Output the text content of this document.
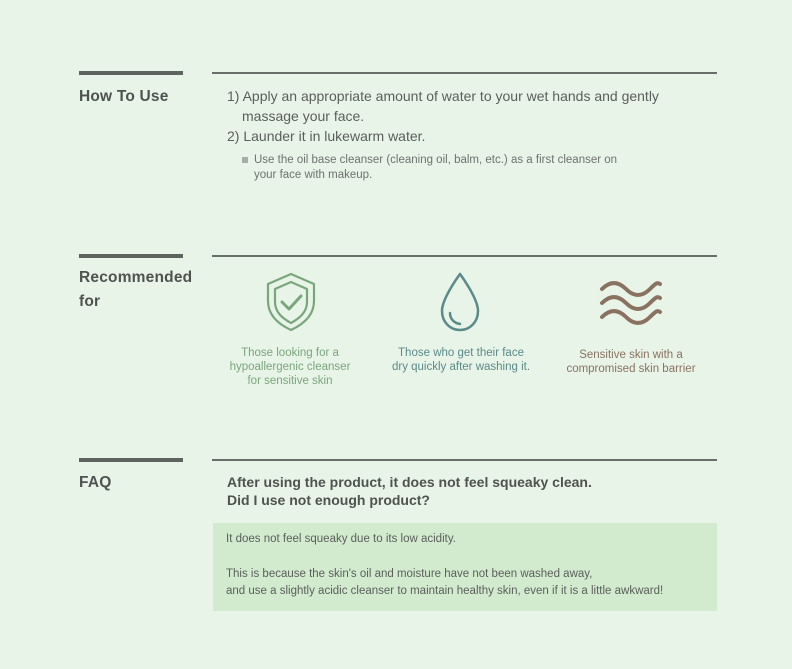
How To Use	1) Apply an appropriate amount of water to your wet hands and gently

massage your face.

2) Launder it in lukewarm water.

Use the oil base cleanser (cleaning oil, balm, etc.) as a first cleanser on
your face with makeup.
Recommended
for
Those looking for a
hypoallergenic cleanser
for sensitive skin
Those who get their face
dry quickly after washing it.
Sensitive skin with a
compromised skin barrier
FAQ	After using the product, it does not feel squeaky clean.
Did I use not enough product?

It does not feel squeaky due to its low acidity.

This is because the skin's oil and moisture have not been washed away,

and use a slightly acidic cleanser to maintain healthy skin, even if it is a little awkward!
